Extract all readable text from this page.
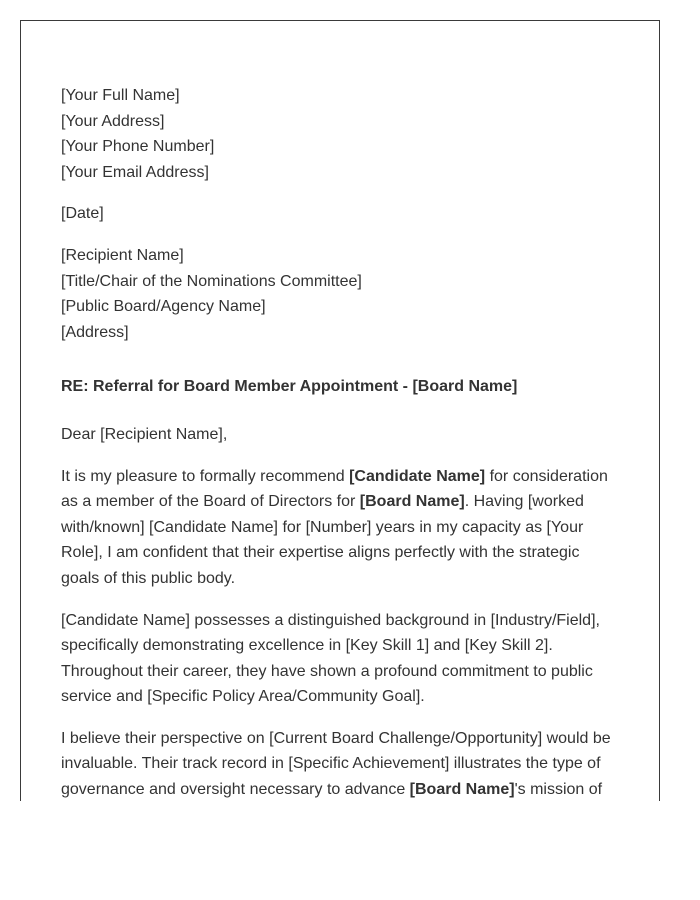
[Your Full Name]
[Your Address]
[Your Phone Number]
[Your Email Address]
[Date]
[Recipient Name]
[Title/Chair of the Nominations Committee]
[Public Board/Agency Name]
[Address]
RE: Referral for Board Member Appointment - [Board Name]
Dear [Recipient Name],
It is my pleasure to formally recommend [Candidate Name] for consideration as a member of the Board of Directors for [Board Name]. Having [worked with/known] [Candidate Name] for [Number] years in my capacity as [Your Role], I am confident that their expertise aligns perfectly with the strategic goals of this public body.
[Candidate Name] possesses a distinguished background in [Industry/Field], specifically demonstrating excellence in [Key Skill 1] and [Key Skill 2]. Throughout their career, they have shown a profound commitment to public service and [Specific Policy Area/Community Goal].
I believe their perspective on [Current Board Challenge/Opportunity] would be invaluable. Their track record in [Specific Achievement] illustrates the type of governance and oversight necessary to advance [Board Name]'s mission of
